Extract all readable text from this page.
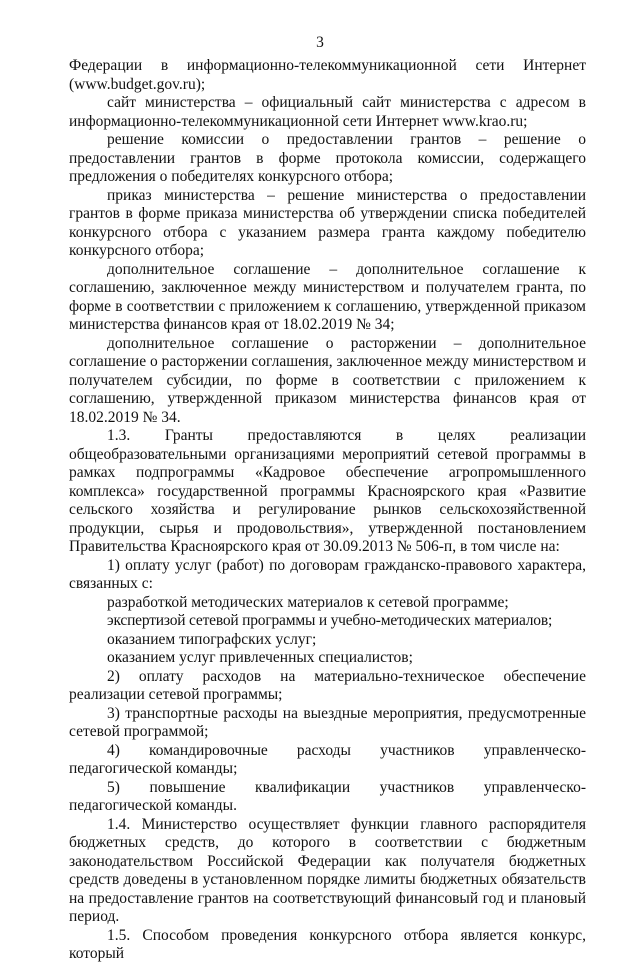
3

Федерации в информационно-телекоммуникационной сети Интернет (www.budget.gov.ru);

сайт министерства – официальный сайт министерства с адресом в информационно-телекоммуникационной сети Интернет www.krao.ru;

решение комиссии о предоставлении грантов – решение о предоставлении грантов в форме протокола комиссии, содержащего предложения о победителях конкурсного отбора;

приказ министерства – решение министерства о предоставлении грантов в форме приказа министерства об утверждении списка победителей конкурсного отбора с указанием размера гранта каждому победителю конкурсного отбора;

дополнительное соглашение – дополнительное соглашение к соглашению, заключенное между министерством и получателем гранта, по форме в соответствии с приложением к соглашению, утвержденной приказом министерства финансов края от 18.02.2019 № 34;

дополнительное соглашение о расторжении – дополнительное соглашение о расторжении соглашения, заключенное между министерством и получателем субсидии, по форме в соответствии с приложением к соглашению, утвержденной приказом министерства финансов края от 18.02.2019 № 34.

1.3. Гранты предоставляются в целях реализации общеобразовательными организациями мероприятий сетевой программы в рамках подпрограммы «Кадровое обеспечение агропромышленного комплекса» государственной программы Красноярского края «Развитие сельского хозяйства и регулирование рынков сельскохозяйственной продукции, сырья и продовольствия», утвержденной постановлением Правительства Красноярского края от 30.09.2013 № 506-п, в том числе на:

1) оплату услуг (работ) по договорам гражданско-правового характера, связанных с:

разработкой методических материалов к сетевой программе;

экспертизой сетевой программы и учебно-методических материалов;

оказанием типографских услуг;

оказанием услуг привлеченных специалистов;

2) оплату расходов на материально-техническое обеспечение реализации сетевой программы;

3) транспортные расходы на выездные мероприятия, предусмотренные сетевой программой;

4) командировочные расходы участников управленческо-педагогической команды;

5) повышение квалификации участников управленческо-педагогической команды.

1.4. Министерство осуществляет функции главного распорядителя бюджетных средств, до которого в соответствии с бюджетным законодательством Российской Федерации как получателя бюджетных средств доведены в установленном порядке лимиты бюджетных обязательств на предоставление грантов на соответствующий финансовый год и плановый период.

1.5. Способом проведения конкурсного отбора является конкурс, который
